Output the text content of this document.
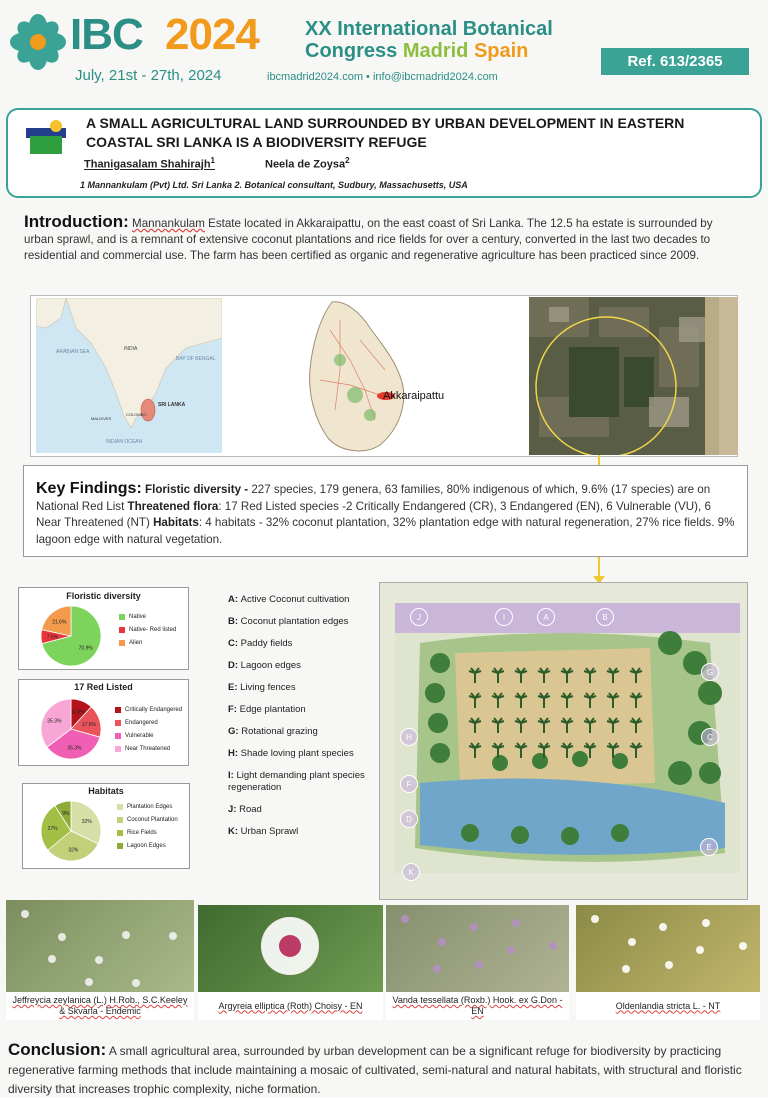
IBC 2024 XX International Botanical
Congress Madrid Spain
July, 21st - 27th, 2024	ibcmadrid2024.com • info@ibcmadrid2024.com
Ref. 613/2365
A SMALL AGRICULTURAL LAND SURROUNDED BY URBAN DEVELOPMENT IN EASTERN COASTAL SRI LANKA IS A BIODIVERSITY REFUGE
Thanigasalam Shahirajh$^1$	Neela de Zoysa$^2$
1 Mannankulam (Pvt) Ltd. Sri Lanka 2. Botanical consultant, Sudbury, Massachusetts, USA
Introduction: Mannankulam Estate located in Akkaraipattu, on the east coast of Sri Lanka. The 12.5 ha estate is surrounded by urban sprawl, and is a remnant of extensive coconut plantations and rice fields for over a century, converted in the last two decades to residential and commercial use. The farm has been certified as organic and regenerative agriculture has been practiced since 2009.
ARABIAN SEA	INDIA
BAY OF BENGAL
SRI LANKA
COLOMBO
MALDIVES
INDIAN OCEAN
Akkaraipattu
Key Findings: Floristic diversity - 227 species, 179 genera, 63 families, 80% indigenous of which, 9.6% (17 species) are on National Red List Threatened flora: 17 Red Listed species -2 Critically Endangered (CR), 3 Endangered (EN), 6 Vulnerable (VU), 6 Near Threatened (NT) Habitats: 4 habitats - 32% coconut plantation, 32% plantation edge with natural regeneration, 27% rice fields. 9% lagoon edge with natural vegetation.
Floristic diversity
70.9%
7.5%
21.6%
Native
Native- Red listed
Alien
17 Red Listed
11.8%
17.6%
35.3%
35.3%
Critically Endangered
Endangered
Vulnerable
Near Threatened
Habitats
32%
32%
27%
9%
Plantation Edges
Coconut Plantation
Rice Fields
Lagoon Edges
A: Active Coconut cultivation
B: Coconut plantation edges
C: Paddy fields
D: Lagoon edges
E: Living fences
F: Edge plantation
G: Rotational grazing
H: Shade loving plant species
I: Light demanding plant species regeneration
J: Road
K: Urban Sprawl
J	I	A	B
G
C
H
F
D
E
K
Jeffreycia zeylanica (L.) H.Rob., S.C.Keeley & Skvarla - Endemic
Argyreia elliptica (Roth) Choisy - EN
Vanda tessellata (Roxb.) Hook. ex G.Don - EN
Oldenlandia stricta L. - NT
Conclusion: A small agricultural area, surrounded by urban development can be a significant refuge for biodiversity by practicing regenerative farming methods that include maintaining a mosaic of cultivated, semi-natural and natural habitats, with structural and floristic diversity that increases trophic complexity, niche formation.
